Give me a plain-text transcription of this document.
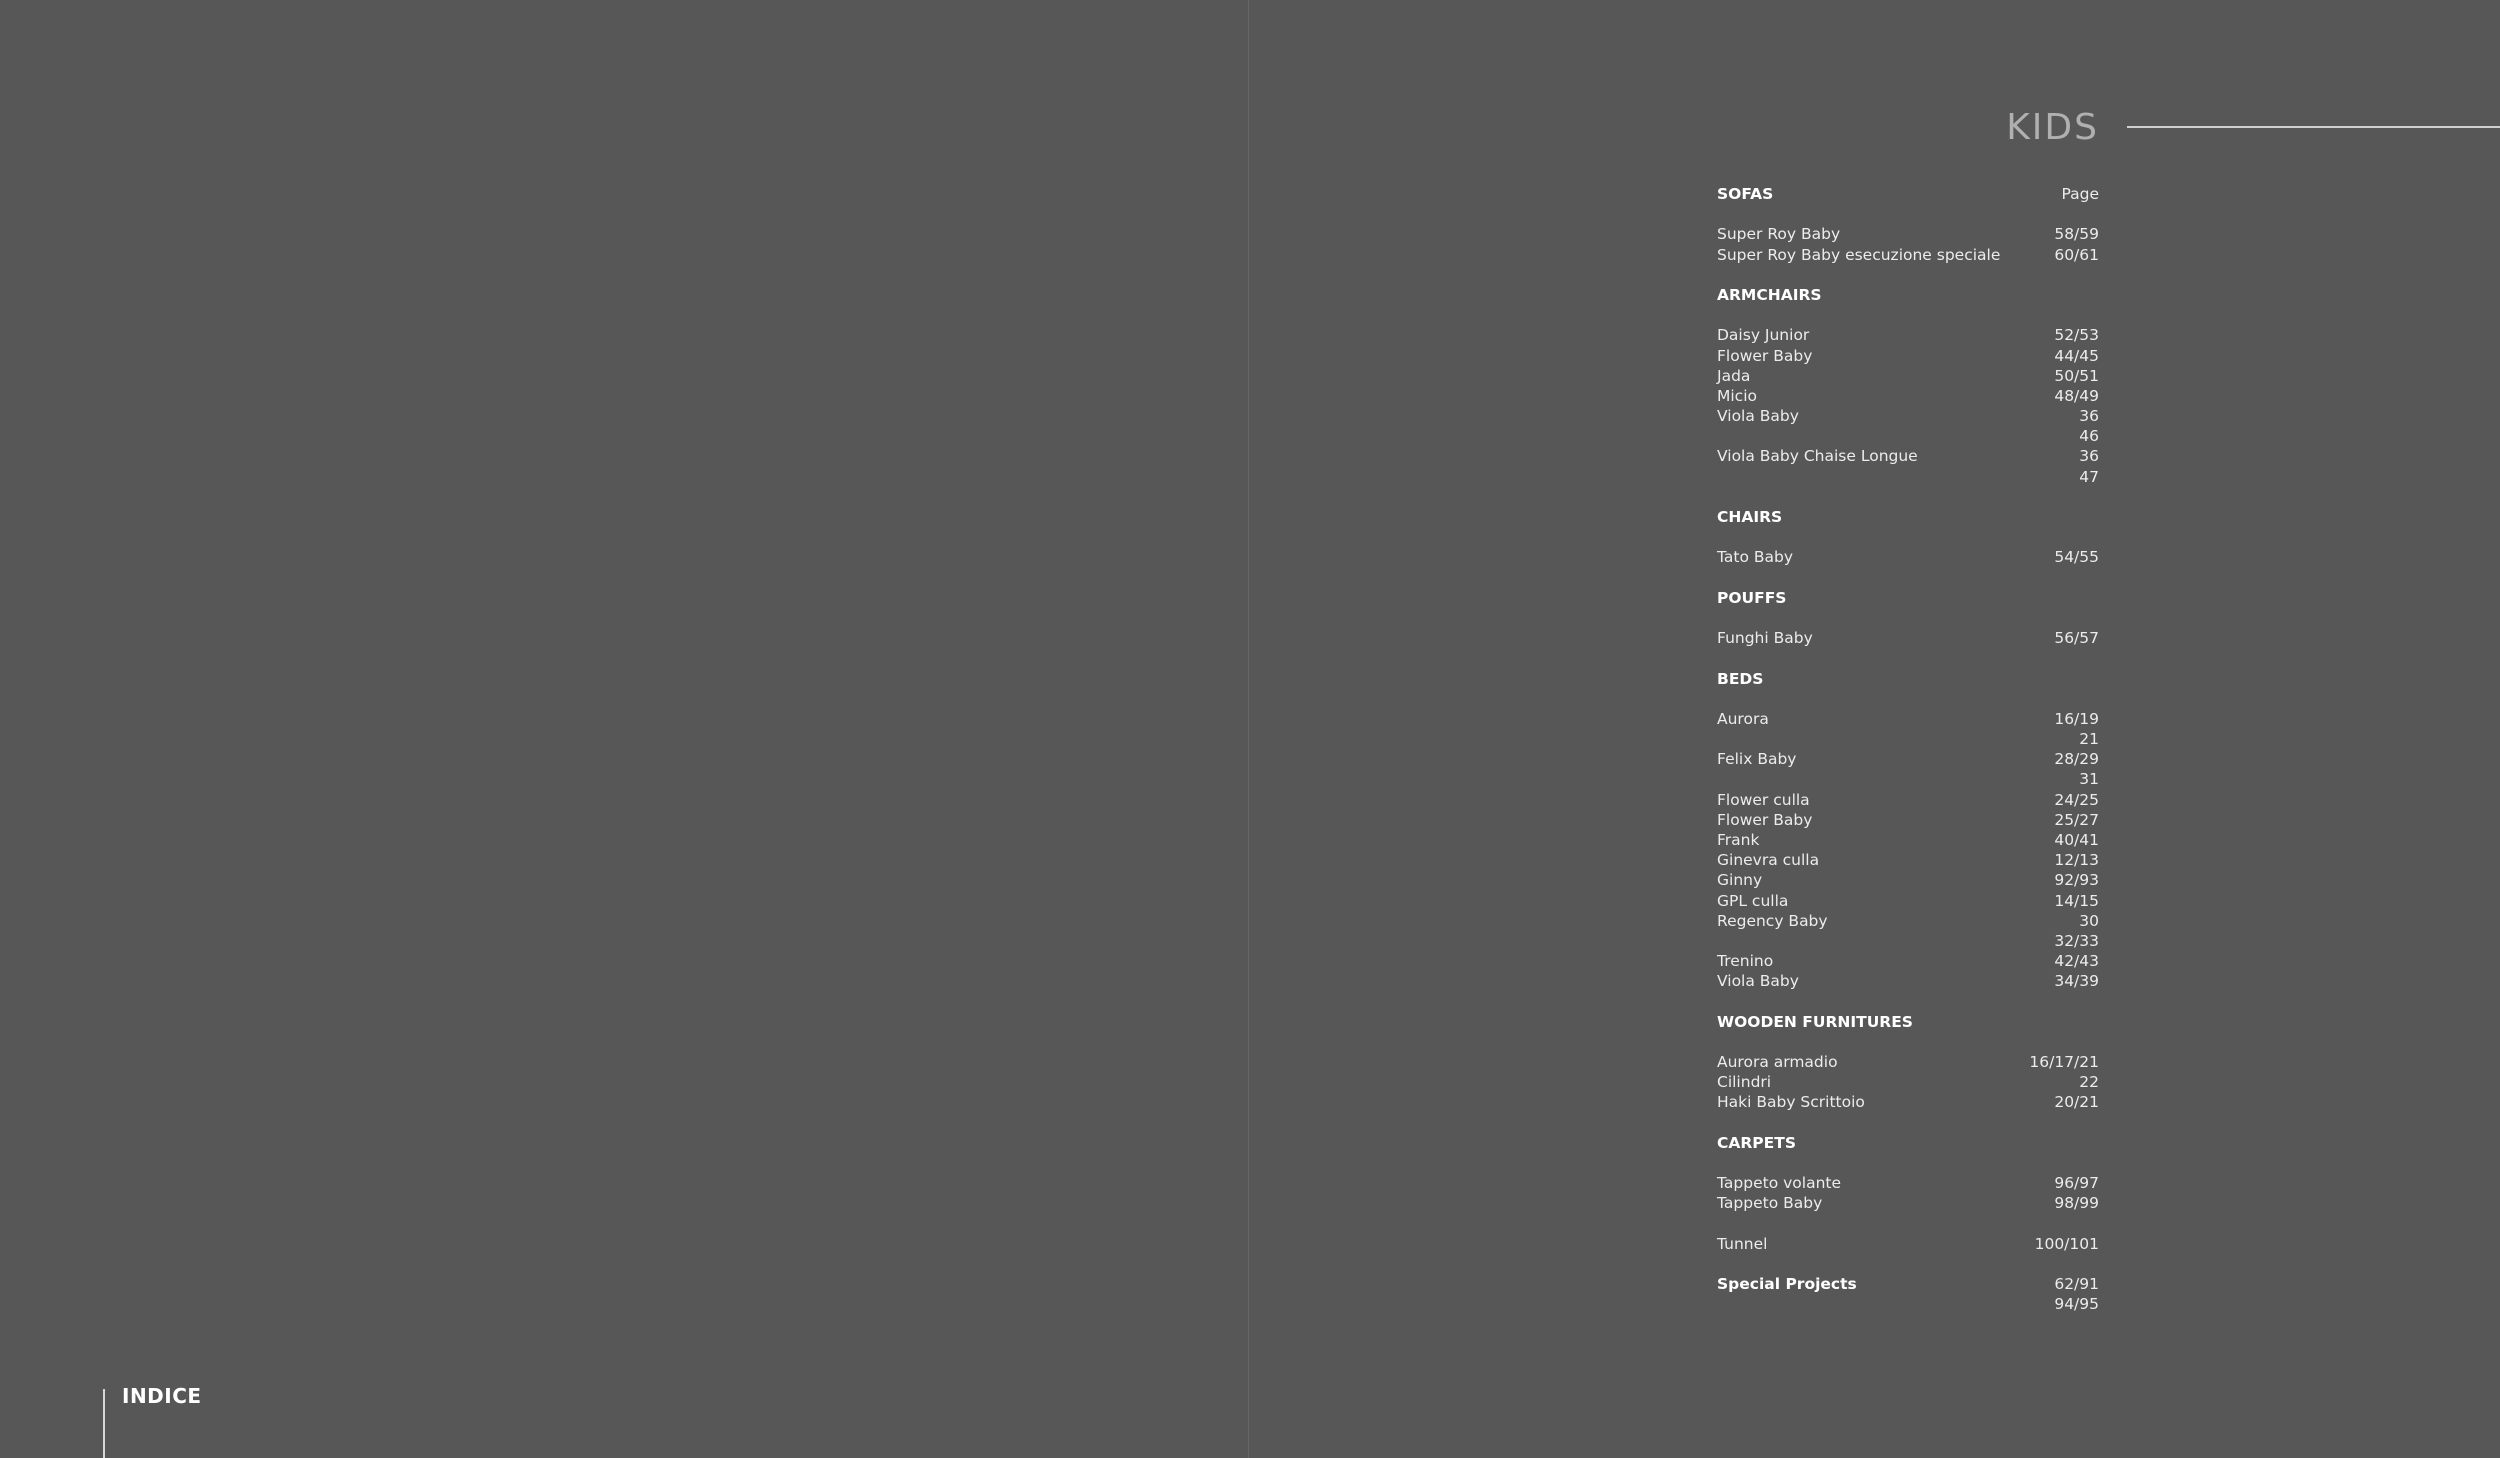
INDICE
KIDS
SOFAS	Page
Super Roy Baby	58/59
Super Roy Baby esecuzione speciale	60/61
ARMCHAIRS
Daisy Junior	52/53
Flower Baby	44/45
Jada	50/51
Micio	48/49
Viola Baby	36
46
Viola Baby Chaise Longue	36
47
CHAIRS
Tato Baby	54/55
POUFFS
Funghi Baby	56/57
BEDS
Aurora	16/19
21
Felix Baby	28/29
31
Flower culla	24/25
Flower Baby	25/27
Frank	40/41
Ginevra culla	12/13
Ginny	92/93
GPL culla	14/15
Regency Baby	30
32/33
Trenino	42/43
Viola Baby	34/39
WOODEN FURNITURES
Aurora armadio	16/17/21
Cilindri	22
Haki Baby Scrittoio	20/21
CARPETS
Tappeto volante	96/97
Tappeto Baby	98/99
Tunnel	100/101
Special Projects	62/91
94/95
